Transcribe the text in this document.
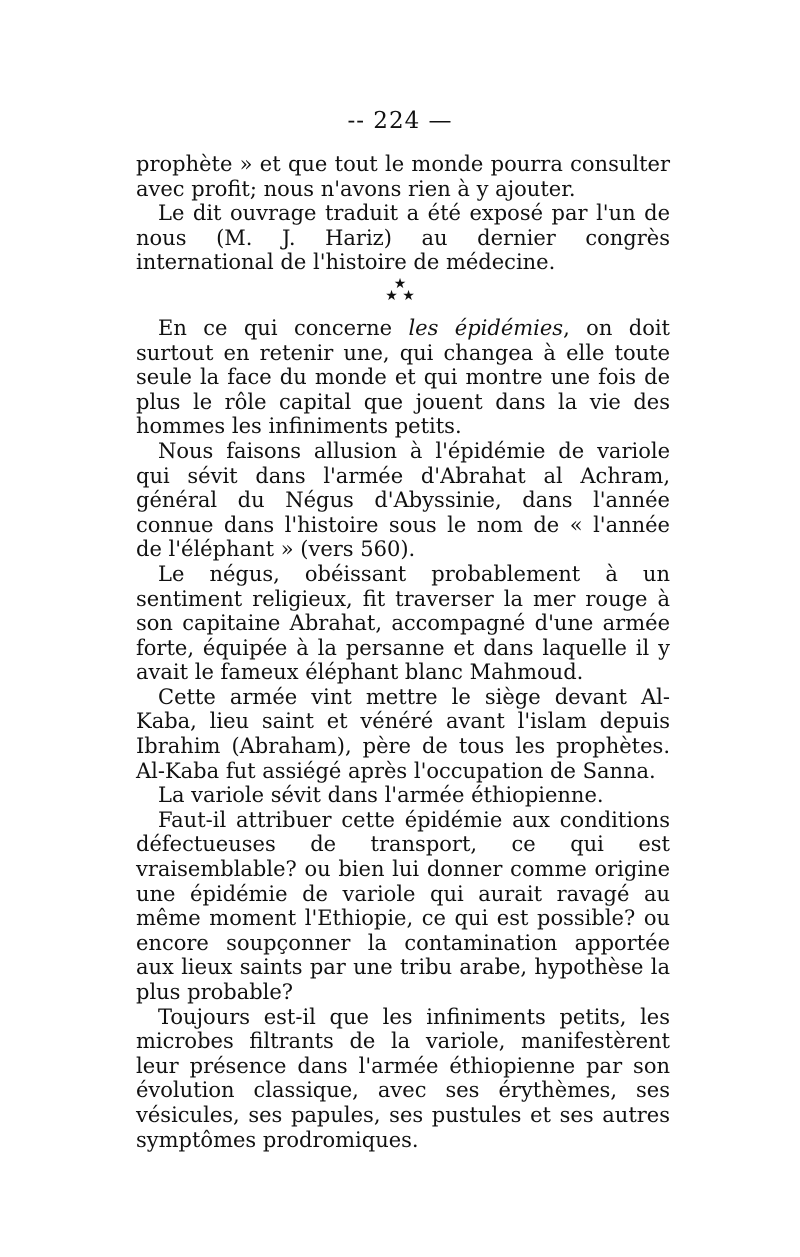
-- 224 —

★
★ ★

prophète » et que tout le monde pourra consulter avec profit; nous n'avons rien à y ajouter.

Le dit ouvrage traduit a été exposé par l'un de nous (M. J. Hariz) au dernier congrès international de l'histoire de médecine.

En ce qui concerne les épidémies, on doit surtout en retenir une, qui changea à elle toute seule la face du monde et qui montre une fois de plus le rôle capital que jouent dans la vie des hommes les infiniments petits.

Nous faisons allusion à l'épidémie de variole qui sévit dans l'armée d'Abrahat al Achram, général du Négus d'Abyssinie, dans l'année connue dans l'histoire sous le nom de « l'année de l'éléphant » (vers 560).

Le négus, obéissant probablement à un sentiment religieux, fit traverser la mer rouge à son capitaine Abrahat, accompagné d'une armée forte, équipée à la persanne et dans laquelle il y avait le fameux éléphant blanc Mahmoud.

Cette armée vint mettre le siège devant Al-Kaba, lieu saint et vénéré avant l'islam depuis Ibrahim (Abraham), père de tous les prophètes. Al-Kaba fut assiégé après l'occupation de Sanna.

La variole sévit dans l'armée éthiopienne.

Faut-il attribuer cette épidémie aux conditions défectueuses de transport, ce qui est vraisemblable? ou bien lui donner comme origine une épidémie de variole qui aurait ravagé au même moment l'Ethiopie, ce qui est possible? ou encore soupçonner la contamination apportée aux lieux saints par une tribu arabe, hypothèse la plus probable?

Toujours est-il que les infiniments petits, les microbes filtrants de la variole, manifestèrent leur présence dans l'armée éthiopienne par son évolution classique, avec ses érythèmes, ses vésicules, ses papules, ses pustules et ses autres symptômes prodromiques.
